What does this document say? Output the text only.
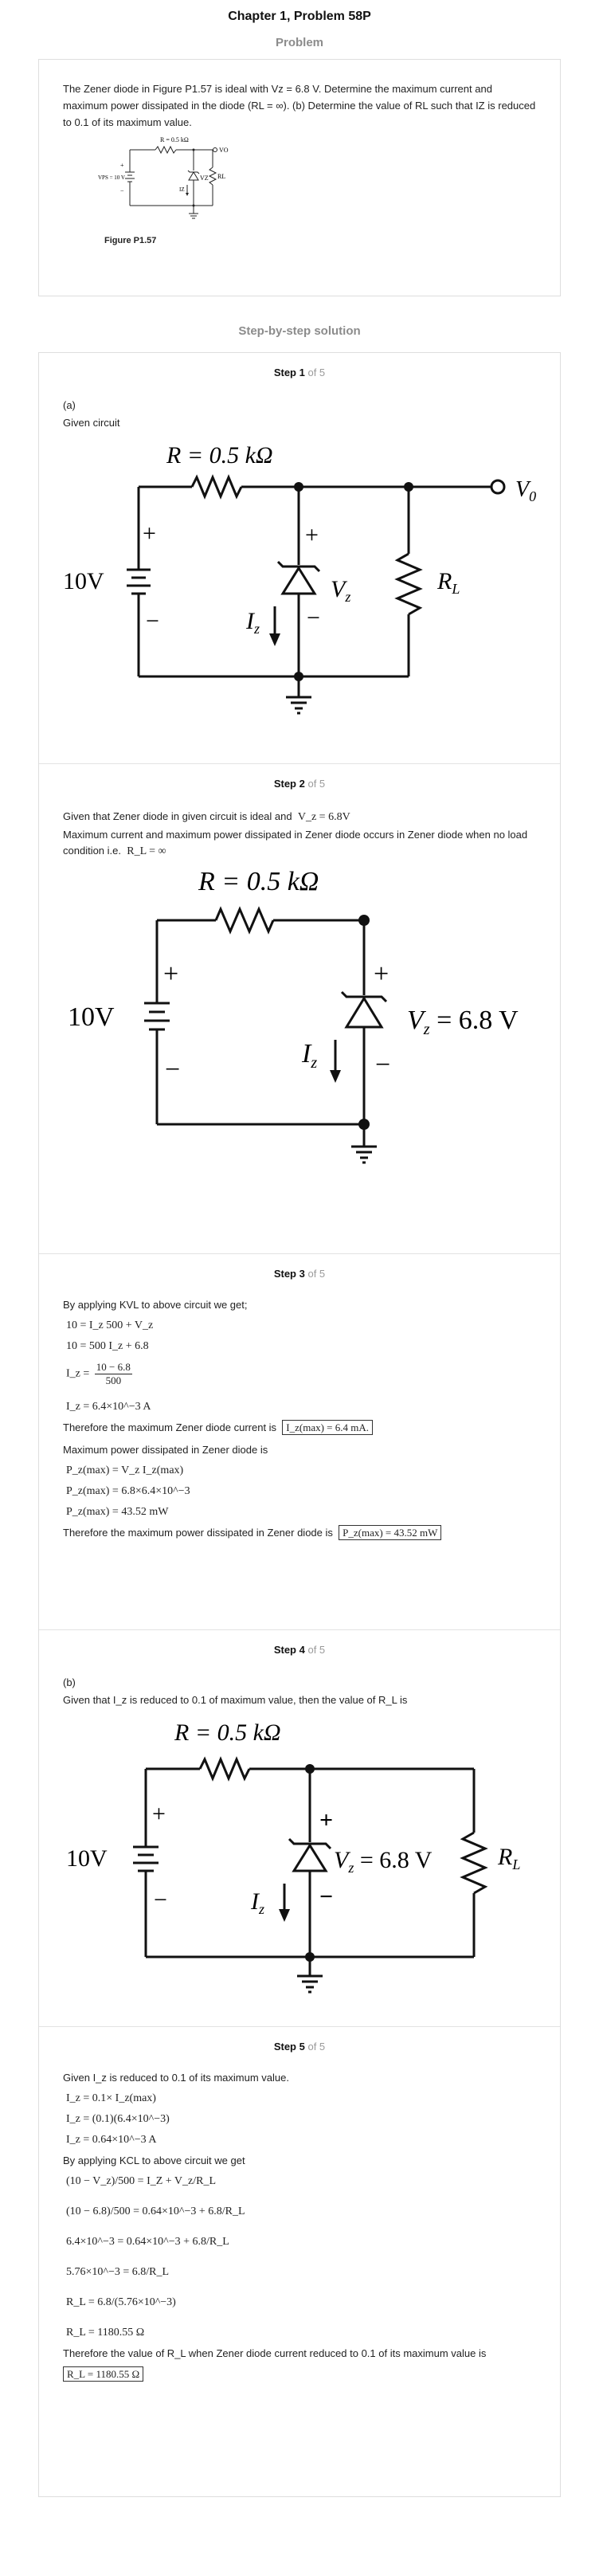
Chapter 1, Problem 58P
Problem

The Zener diode in Figure P1.57 is ideal with Vz = 6.8 V. Determine the maximum current and maximum power dissipated in the diode (RL = ∞). (b) Determine the value of RL such that IZ is reduced to 0.1 of its maximum value.

R = 0.5 kΩ
VO
VPS = 10 V
+
−
VZ
IZ
RL
Figure P1.57
Step-by-step solution
Step 1 of 5

(a)

Given circuit

R = 0.5 kΩ
$V_0$
+
−
10V
+
−
$V_z$
$I_z$
$R_L$
Step 2 of 5

Given that Zener diode in given circuit is ideal and V_z = 6.8V

Maximum current and maximum power dissipated in Zener diode occurs in Zener diode when no load condition i.e. R_L = ∞

R = 0.5 kΩ
+
−
10V
+
−
$V_z = 6.8$ V
$I_z$
Step 3 of 5

By applying KVL to above circuit we get;

10 = I_z 500 + V_z
10 = 500 I_z + 6.8
I_z = $\frac{10 - 6.8}{500}$
I_z = 6.4×10^−3 A

Therefore the maximum Zener diode current is I_z(max) = 6.4 mA.

Maximum power dissipated in Zener diode is

P_z(max) = V_z I_z(max)
P_z(max) = 6.8×6.4×10^−3
P_z(max) = 43.52 mW

Therefore the maximum power dissipated in Zener diode is P_z(max) = 43.52 mW

Step 4 of 5

(b)

Given that I_z is reduced to 0.1 of maximum value, then the value of R_L is

R = 0.5 kΩ
+
−
10V
+
−
$V_z = 6.8$ V
$I_z$
$R_L$
Step 5 of 5

Given I_z is reduced to 0.1 of its maximum value.

I_z = 0.1× I_z(max)
I_z = (0.1)(6.4×10^−3)
I_z = 0.64×10^−3 A

By applying KCL to above circuit we get

(10 − V_z)/500 = I_Z + V_z/R_L
(10 − 6.8)/500 = 0.64×10^−3 + 6.8/R_L
6.4×10^−3 = 0.64×10^−3 + 6.8/R_L
5.76×10^−3 = 6.8/R_L
R_L = 6.8/(5.76×10^−3)
R_L = 1180.55 Ω

Therefore the value of R_L when Zener diode current reduced to 0.1 of its maximum value is

R_L = 1180.55 Ω
